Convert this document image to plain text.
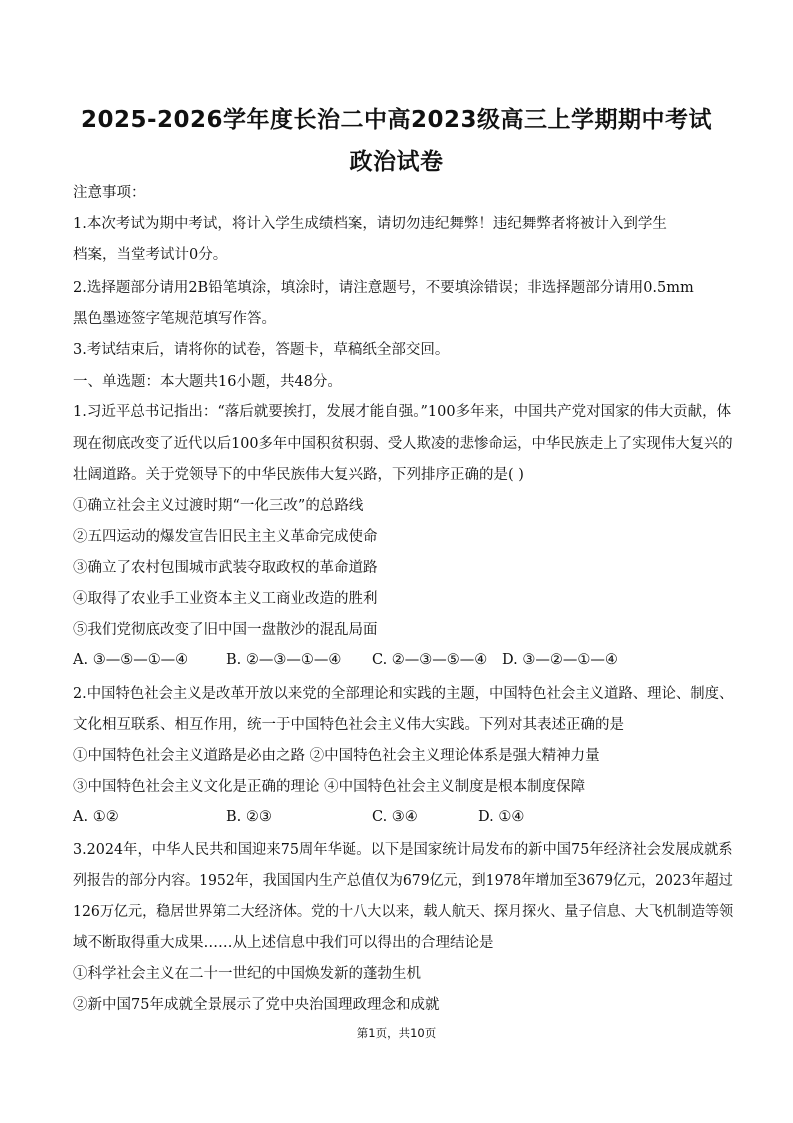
2025-2026学年度长治二中高2023级高三上学期期中考试
政治试卷
注意事项：
1.本次考试为期中考试，将计入学生成绩档案，请切勿违纪舞弊！违纪舞弊者将被计入到学生
档案，当堂考试计0分。
2.选择题部分请用2B铅笔填涂，填涂时，请注意题号，不要填涂错误；非选择题部分请用0.5mm
黑色墨迹签字笔规范填写作答。
3.考试结束后，请将你的试卷，答题卡，草稿纸全部交回。
一、单选题：本大题共16小题，共48分。
1.习近平总书记指出：“落后就要挨打，发展才能自强。”100多年来，中国共产党对国家的伟大贡献，体
现在彻底改变了近代以后100多年中国积贫积弱、受人欺凌的悲惨命运，中华民族走上了实现伟大复兴的
壮阔道路。关于党领导下的中华民族伟大复兴路，下列排序正确的是( )
①确立社会主义过渡时期“一化三改”的总路线
②五四运动的爆发宣告旧民主主义革命完成使命
③确立了农村包围城市武装夺取政权的革命道路
④取得了农业手工业资本主义工商业改造的胜利
⑤我们党彻底改变了旧中国一盘散沙的混乱局面
A. ③—⑤—①—④	B. ②—③—①—④ C. ②—③—⑤—④ D. ③—②—①—④
2.中国特色社会主义是改革开放以来党的全部理论和实践的主题，中国特色社会主义道路、理论、制度、
文化相互联系、相互作用，统一于中国特色社会主义伟大实践。下列对其表述正确的是
①中国特色社会主义道路是必由之路 ②中国特色社会主义理论体系是强大精神力量
③中国特色社会主义文化是正确的理论 ④中国特色社会主义制度是根本制度保障
A. ①②	B. ②③	C. ③④	D. ①④
3.2024年，中华人民共和国迎来75周年华诞。以下是国家统计局发布的新中国75年经济社会发展成就系
列报告的部分内容。1952年，我国国内生产总值仅为679亿元，到1978年增加至3679亿元，2023年超过
126万亿元，稳居世界第二大经济体。党的十八大以来，载人航天、探月探火、量子信息、大飞机制造等领
域不断取得重大成果……从上述信息中我们可以得出的合理结论是
①科学社会主义在二十一世纪的中国焕发新的蓬勃生机
②新中国75年成就全景展示了党中央治国理政理念和成就
第1页，共10页
